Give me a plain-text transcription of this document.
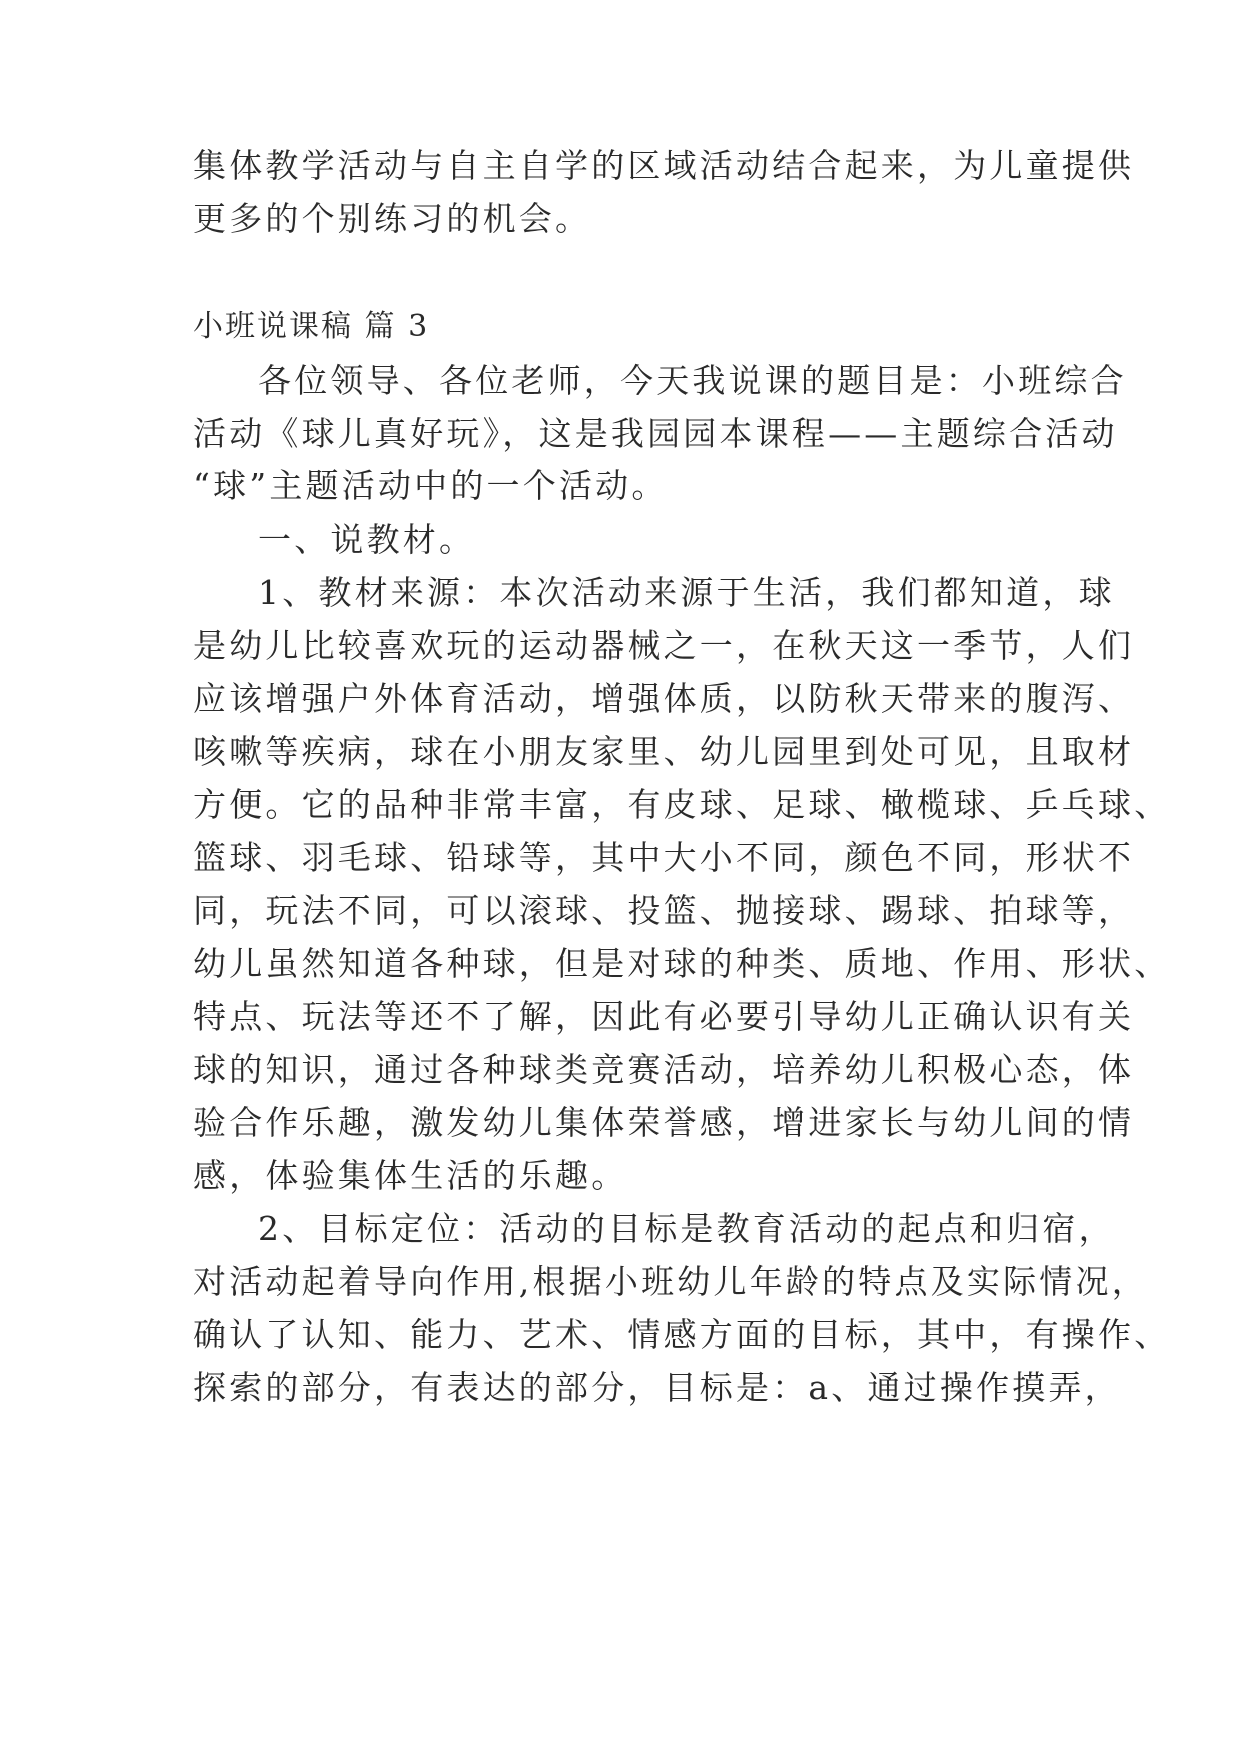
集体教学活动与自主自学的区域活动结合起来，为儿童提供
更多的个别练习的机会。
小班说课稿 篇 3
各位领导、各位老师，今天我说课的题目是：小班综合
活动《球儿真好玩》，这是我园园本课程——主题综合活动
“球”主题活动中的一个活动。
一、说教材。
1、教材来源：本次活动来源于生活，我们都知道，球
是幼儿比较喜欢玩的运动器械之一，在秋天这一季节，人们
应该增强户外体育活动，增强体质，以防秋天带来的腹泻、
咳嗽等疾病，球在小朋友家里、幼儿园里到处可见，且取材
方便。它的品种非常丰富，有皮球、足球、橄榄球、乒乓球、
篮球、羽毛球、铅球等，其中大小不同，颜色不同，形状不
同，玩法不同，可以滚球、投篮、抛接球、踢球、拍球等，
幼儿虽然知道各种球，但是对球的种类、质地、作用、形状、
特点、玩法等还不了解，因此有必要引导幼儿正确认识有关
球的知识，通过各种球类竞赛活动，培养幼儿积极心态，体
验合作乐趣，激发幼儿集体荣誉感，增进家长与幼儿间的情
感，体验集体生活的乐趣。
2、目标定位：活动的目标是教育活动的起点和归宿，
对活动起着导向作用,根据小班幼儿年龄的特点及实际情况，
确认了认知、能力、艺术、情感方面的目标，其中，有操作、
探索的部分，有表达的部分，目标是：a、通过操作摸弄，
